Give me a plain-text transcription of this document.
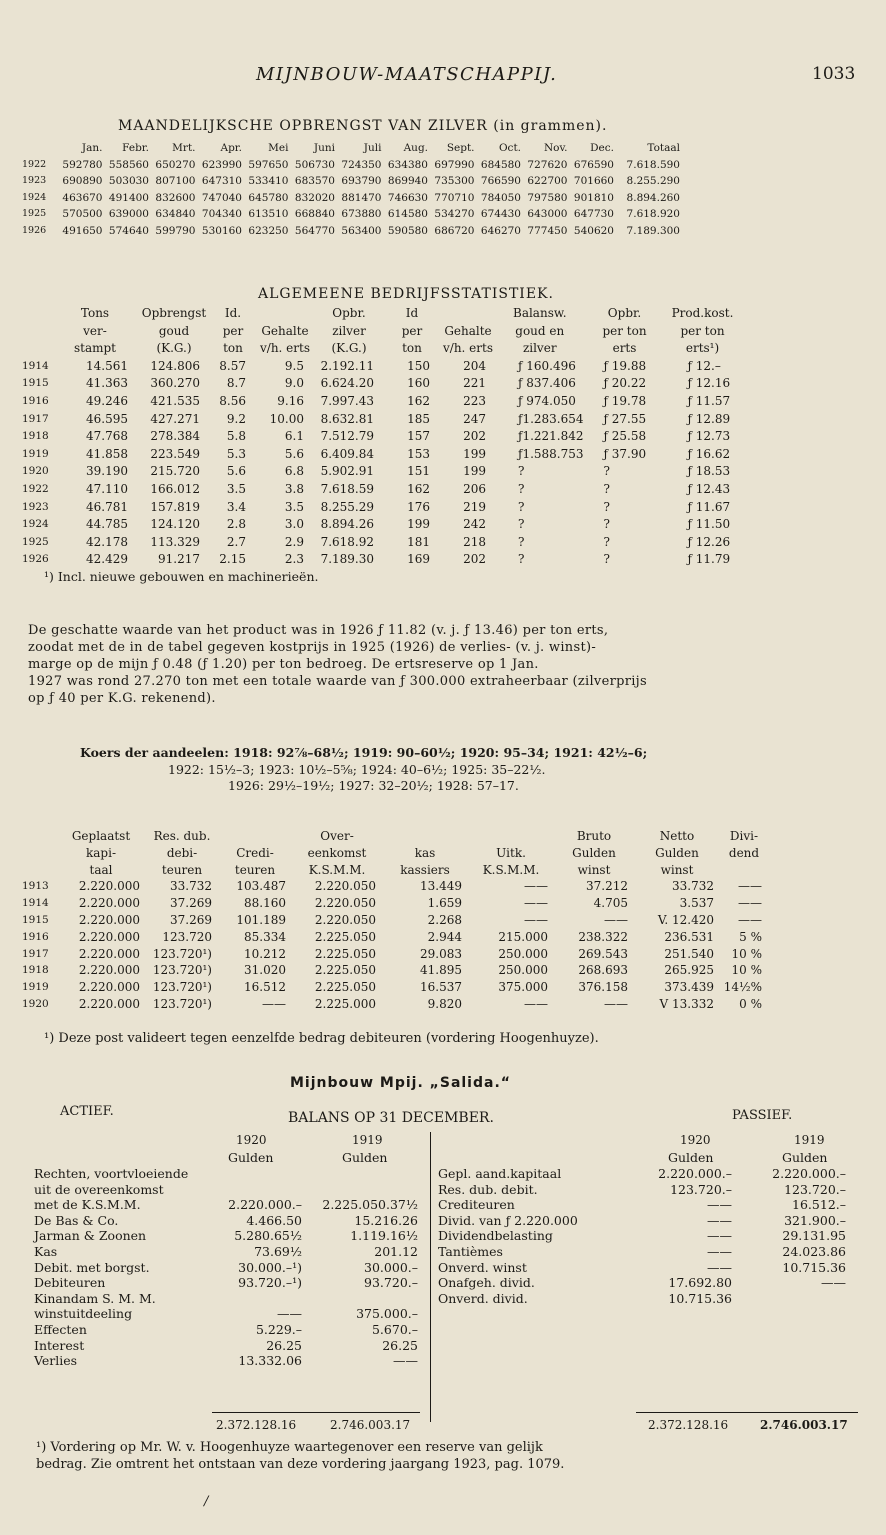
MIJNBOUW-MAATSCHAPPIJ.	1033
MAANDELIJKSCHE OPBRENGST VAN ZILVER (in grammen).
	Jan.	Febr.	Mrt.	Apr.	Mei	Juni	Juli	Aug.	Sept.	Oct.	Nov.	Dec.	Totaal
1922	592780	558560	650270	623990	597650	506730	724350	634380	697990	684580	727620	676590	7.618.590
1923	690890	503030	807100	647310	533410	683570	693790	869940	735300	766590	622700	701660	8.255.290
1924	463670	491400	832600	747040	645780	832020	881470	746630	770710	784050	797580	901810	8.894.260
1925	570500	639000	634840	704340	613510	668840	673880	614580	534270	674430	643000	647730	7.618.920
1926	491650	574640	599790	530160	623250	564770	563400	590580	686720	646270	777450	540620	7.189.300
ALGEMEENE BEDRIJFSSTATISTIEK.
	Tons	Opbrengst	Id.		Opbr.	Id		Balansw.	Opbr.	Prod.kost.
	ver-	goud	per	Gehalte	zilver	per	Gehalte	goud en	per ton	per ton
	stampt	(K.G.)	ton	v/h. erts	(K.G.)	ton	v/h. erts	zilver	erts	erts¹)
1914	14.561	124.806	8.57	9.5	2.192.11	150	204	ƒ 160.496	ƒ 19.88	ƒ 12.–
1915	41.363	360.270	8.7	9.0	6.624.20	160	221	ƒ 837.406	ƒ 20.22	ƒ 12.16
1916	49.246	421.535	8.56	9.16	7.997.43	162	223	ƒ 974.050	ƒ 19.78	ƒ 11.57
1917	46.595	427.271	9.2	10.00	8.632.81	185	247	ƒ1.283.654	ƒ 27.55	ƒ 12.89
1918	47.768	278.384	5.8	6.1	7.512.79	157	202	ƒ1.221.842	ƒ 25.58	ƒ 12.73
1919	41.858	223.549	5.3	5.6	6.409.84	153	199	ƒ1.588.753	ƒ 37.90	ƒ 16.62
1920	39.190	215.720	5.6	6.8	5.902.91	151	199	?	?	ƒ 18.53
1922	47.110	166.012	3.5	3.8	7.618.59	162	206	?	?	ƒ 12.43
1923	46.781	157.819	3.4	3.5	8.255.29	176	219	?	?	ƒ 11.67
1924	44.785	124.120	2.8	3.0	8.894.26	199	242	?	?	ƒ 11.50
1925	42.178	113.329	2.7	2.9	7.618.92	181	218	?	?	ƒ 12.26
1926	42.429	91.217	2.15	2.3	7.189.30	169	202	?	?	ƒ 11.79
¹) Incl. nieuwe gebouwen en machinerieën.
De geschatte waarde van het product was in 1926 ƒ 11.82 (v. j. ƒ 13.46) per ton erts,
zoodat met de in de tabel gegeven kostprijs in 1925 (1926) de verlies- (v. j. winst)-
marge op de mijn ƒ 0.48 (ƒ 1.20) per ton bedroeg. De ertsreserve op 1 Jan.
1927 was rond 27.270 ton met een totale waarde van ƒ 300.000 extraheerbaar (zilverprijs
op ƒ 40 per K.G. rekenend).
Koers der aandeelen: 1918: 92⅞–68½; 1919: 90–60½; 1920: 95–34; 1921: 42½–6;
1922: 15½–3; 1923: 10½–5⅝; 1924: 40–6½; 1925: 35–22½.
1926: 29½–19½; 1927: 32–20½; 1928: 57–17.
	Geplaatst	Res. dub.		Over-			Bruto	Netto	Divi-
	kapi-	debi-	Credi-	eenkomst	kas	Uitk.	Gulden	Gulden	dend
	taal	teuren	teuren	K.S.M.M.	kassiers	K.S.M.M.	winst	winst	
1913	2.220.000	33.732	103.487	2.220.050	13.449	——	37.212	33.732	——
1914	2.220.000	37.269	88.160	2.220.050	1.659	——	4.705	3.537	——
1915	2.220.000	37.269	101.189	2.220.050	2.268	——	——	V. 12.420	——
1916	2.220.000	123.720	85.334	2.225.050	2.944	215.000	238.322	236.531	5 %
1917	2.220.000	123.720¹)	10.212	2.225.050	29.083	250.000	269.543	251.540	10 %
1918	2.220.000	123.720¹)	31.020	2.225.050	41.895	250.000	268.693	265.925	10 %
1919	2.220.000	123.720¹)	16.512	2.225.050	16.537	375.000	376.158	373.439	14½%
1920	2.220.000	123.720¹)	——	2.225.000	9.820	——	——	V 13.332	0 %
¹) Deze post valideert tegen eenzelfde bedrag debiteuren (vordering Hoogenhuyze).
Mijnbouw Mpij. „Salida.“
ACTIEF.	BALANS OP 31 DECEMBER.	PASSIEF.
1920	1919
Gulden	Gulden
1920	1919
Gulden	Gulden
Rechten, voortvloeiende		
uit de overeenkomst		
met de K.S.M.M.	2.220.000.–	2.225.050.37½
De Bas & Co.	4.466.50	15.216.26
Jarman & Zoonen	5.280.65½	1.119.16½
Kas	73.69½	201.12
Debit. met borgst.	30.000.–¹)	30.000.–
Debiteuren	93.720.–¹)	93.720.–
Kinandam S. M. M.		
winstuitdeeling	——	375.000.–
Effecten	5.229.–	5.670.–
Interest	26.25	26.25
Verlies	13.332.06	——
Gepl. aand.kapitaal	2.220.000.–	2.220.000.–
Res. dub. debit.	123.720.–	123.720.–
Crediteuren	——	16.512.–
Divid. van ƒ 2.220.000	——	321.900.–
Dividendbelasting	——	29.131.95
Tantièmes	——	24.023.86
Onverd. winst	——	10.715.36
Onafgeh. divid.	17.692.80	——
Onverd. divid.	10.715.36	
2.372.128.16	2.746.003.17	2.372.128.16	2.746.003.17
¹) Vordering op Mr. W. v. Hoogenhuyze waartegenover een reserve van gelijk
bedrag. Zie omtrent het ontstaan van deze vordering jaargang 1923, pag. 1079.
/
